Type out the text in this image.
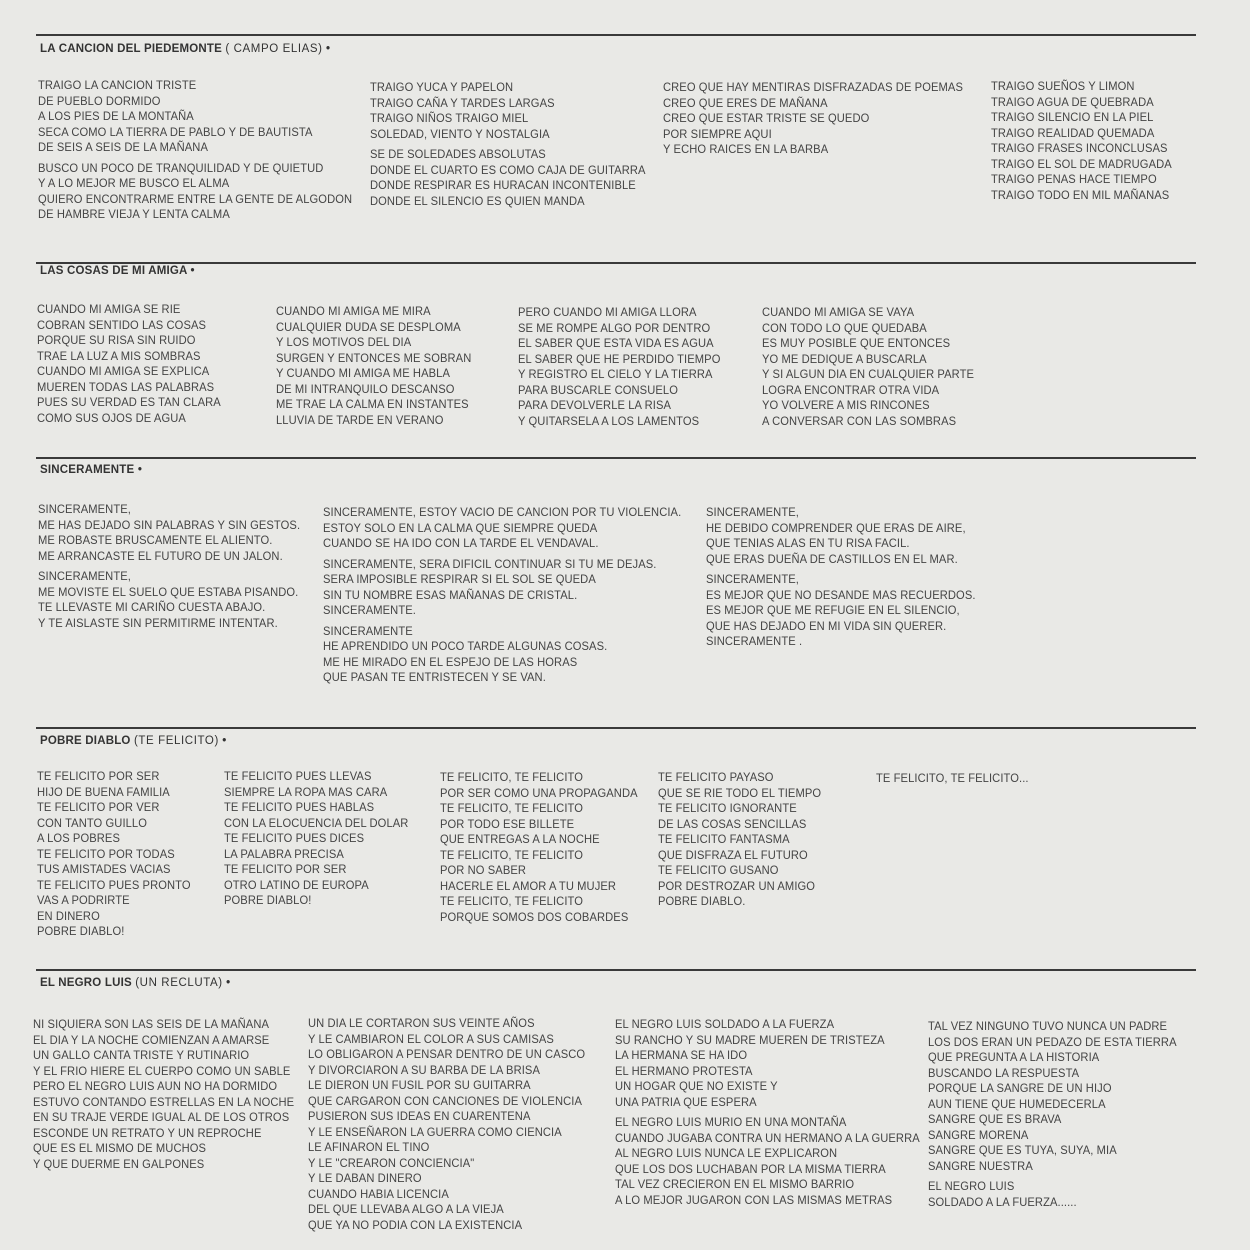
LA CANCION DEL PIEDEMONTE ( CAMPO ELIAS) •
TRAIGO LA CANCION TRISTE
DE PUEBLO DORMIDO
A LOS PIES DE LA MONTAÑA
SECA COMO LA TIERRA DE PABLO Y DE BAUTISTA
DE SEIS A SEIS DE LA MAÑANA
BUSCO UN POCO DE TRANQUILIDAD Y DE QUIETUD
Y A LO MEJOR ME BUSCO EL ALMA
QUIERO ENCONTRARME ENTRE LA GENTE DE ALGODON
DE HAMBRE VIEJA Y LENTA CALMA
TRAIGO YUCA Y PAPELON
TRAIGO CAÑA Y TARDES LARGAS
TRAIGO NIÑOS TRAIGO MIEL
SOLEDAD, VIENTO Y NOSTALGIA
SE DE SOLEDADES ABSOLUTAS
DONDE EL CUARTO ES COMO CAJA DE GUITARRA
DONDE RESPIRAR ES HURACAN INCONTENIBLE
DONDE EL SILENCIO ES QUIEN MANDA
CREO QUE HAY MENTIRAS DISFRAZADAS DE POEMAS
CREO QUE ERES DE MAÑANA
CREO QUE ESTAR TRISTE SE QUEDO
POR SIEMPRE AQUI
Y ECHO RAICES EN LA BARBA
TRAIGO SUEÑOS Y LIMON
TRAIGO AGUA DE QUEBRADA
TRAIGO SILENCIO EN LA PIEL
TRAIGO REALIDAD QUEMADA
TRAIGO FRASES INCONCLUSAS
TRAIGO EL SOL DE MADRUGADA
TRAIGO PENAS HACE TIEMPO
TRAIGO TODO EN MIL MAÑANAS
LAS COSAS DE MI AMIGA •
CUANDO MI AMIGA SE RIE
COBRAN SENTIDO LAS COSAS
PORQUE SU RISA SIN RUIDO
TRAE LA LUZ A MIS SOMBRAS
CUANDO MI AMIGA SE EXPLICA
MUEREN TODAS LAS PALABRAS
PUES SU VERDAD ES TAN CLARA
COMO SUS OJOS DE AGUA
CUANDO MI AMIGA ME MIRA
CUALQUIER DUDA SE DESPLOMA
Y LOS MOTIVOS DEL DIA
SURGEN Y ENTONCES ME SOBRAN
Y CUANDO MI AMIGA ME HABLA
DE MI INTRANQUILO DESCANSO
ME TRAE LA CALMA EN INSTANTES
LLUVIA DE TARDE EN VERANO
PERO CUANDO MI AMIGA LLORA
SE ME ROMPE ALGO POR DENTRO
EL SABER QUE ESTA VIDA ES AGUA
EL SABER QUE HE PERDIDO TIEMPO
Y REGISTRO EL CIELO Y LA TIERRA
PARA BUSCARLE CONSUELO
PARA DEVOLVERLE LA RISA
Y QUITARSELA A LOS LAMENTOS
CUANDO MI AMIGA SE VAYA
CON TODO LO QUE QUEDABA
ES MUY POSIBLE QUE ENTONCES
YO ME DEDIQUE A BUSCARLA
Y SI ALGUN DIA EN CUALQUIER PARTE
LOGRA ENCONTRAR OTRA VIDA
YO VOLVERE A MIS RINCONES
A CONVERSAR CON LAS SOMBRAS
SINCERAMENTE •
SINCERAMENTE,
ME HAS DEJADO SIN PALABRAS Y SIN GESTOS.
ME ROBASTE BRUSCAMENTE EL ALIENTO.
ME ARRANCASTE EL FUTURO DE UN JALON.
SINCERAMENTE,
ME MOVISTE EL SUELO QUE ESTABA PISANDO.
TE LLEVASTE MI CARIÑO CUESTA ABAJO.
Y TE AISLASTE SIN PERMITIRME INTENTAR.
SINCERAMENTE, ESTOY VACIO DE CANCION POR TU VIOLENCIA.
ESTOY SOLO EN LA CALMA QUE SIEMPRE QUEDA
CUANDO SE HA IDO CON LA TARDE EL VENDAVAL.
SINCERAMENTE, SERA DIFICIL CONTINUAR SI TU ME DEJAS.
SERA IMPOSIBLE RESPIRAR SI EL SOL SE QUEDA
SIN TU NOMBRE ESAS MAÑANAS DE CRISTAL.
SINCERAMENTE.
SINCERAMENTE
HE APRENDIDO UN POCO TARDE ALGUNAS COSAS.
ME HE MIRADO EN EL ESPEJO DE LAS HORAS
QUE PASAN TE ENTRISTECEN Y SE VAN.
SINCERAMENTE,
HE DEBIDO COMPRENDER QUE ERAS DE AIRE,
QUE TENIAS ALAS EN TU RISA FACIL.
QUE ERAS DUEÑA DE CASTILLOS EN EL MAR.
SINCERAMENTE,
ES MEJOR QUE NO DESANDE MAS RECUERDOS.
ES MEJOR QUE ME REFUGIE EN EL SILENCIO,
QUE HAS DEJADO EN MI VIDA SIN QUERER.
SINCERAMENTE .
POBRE DIABLO (TE FELICITO) •
TE FELICITO POR SER
HIJO DE BUENA FAMILIA
TE FELICITO POR VER
CON TANTO GUILLO
A LOS POBRES
TE FELICITO POR TODAS
TUS AMISTADES VACIAS
TE FELICITO PUES PRONTO
VAS A PODRIRTE
EN DINERO
POBRE DIABLO!
TE FELICITO PUES LLEVAS
SIEMPRE LA ROPA MAS CARA
TE FELICITO PUES HABLAS
CON LA ELOCUENCIA DEL DOLAR
TE FELICITO PUES DICES
LA PALABRA PRECISA
TE FELICITO POR SER
OTRO LATINO DE EUROPA
POBRE DIABLO!
TE FELICITO, TE FELICITO
POR SER COMO UNA PROPAGANDA
TE FELICITO, TE FELICITO
POR TODO ESE BILLETE
QUE ENTREGAS A LA NOCHE
TE FELICITO, TE FELICITO
POR NO SABER
HACERLE EL AMOR A TU MUJER
TE FELICITO, TE FELICITO
PORQUE SOMOS DOS COBARDES
TE FELICITO PAYASO
QUE SE RIE TODO EL TIEMPO
TE FELICITO IGNORANTE
DE LAS COSAS SENCILLAS
TE FELICITO FANTASMA
QUE DISFRAZA EL FUTURO
TE FELICITO GUSANO
POR DESTROZAR UN AMIGO
POBRE DIABLO.
TE FELICITO, TE FELICITO...
EL NEGRO LUIS (UN RECLUTA) •
NI SIQUIERA SON LAS SEIS DE LA MAÑANA
EL DIA Y LA NOCHE COMIENZAN A AMARSE
UN GALLO CANTA TRISTE Y RUTINARIO
Y EL FRIO HIERE EL CUERPO COMO UN SABLE
PERO EL NEGRO LUIS AUN NO HA DORMIDO
ESTUVO CONTANDO ESTRELLAS EN LA NOCHE
EN SU TRAJE VERDE IGUAL AL DE LOS OTROS
ESCONDE UN RETRATO Y UN REPROCHE
QUE ES EL MISMO DE MUCHOS
Y QUE DUERME EN GALPONES
UN DIA LE CORTARON SUS VEINTE AÑOS
Y LE CAMBIARON EL COLOR A SUS CAMISAS
LO OBLIGARON A PENSAR DENTRO DE UN CASCO
Y DIVORCIARON A SU BARBA DE LA BRISA
LE DIERON UN FUSIL POR SU GUITARRA
QUE CARGARON CON CANCIONES DE VIOLENCIA
PUSIERON SUS IDEAS EN CUARENTENA
Y LE ENSEÑARON LA GUERRA COMO CIENCIA
LE AFINARON EL TINO
Y LE "CREARON CONCIENCIA"
Y LE DABAN DINERO
CUANDO HABIA LICENCIA
DEL QUE LLEVABA ALGO A LA VIEJA
QUE YA NO PODIA CON LA EXISTENCIA
EL NEGRO LUIS SOLDADO A LA FUERZA
SU RANCHO Y SU MADRE MUEREN DE TRISTEZA
LA HERMANA SE HA IDO
EL HERMANO PROTESTA
UN HOGAR QUE NO EXISTE Y
UNA PATRIA QUE ESPERA
EL NEGRO LUIS MURIO EN UNA MONTAÑA
CUANDO JUGABA CONTRA UN HERMANO A LA GUERRA
AL NEGRO LUIS NUNCA LE EXPLICARON
QUE LOS DOS LUCHABAN POR LA MISMA TIERRA
TAL VEZ CRECIERON EN EL MISMO BARRIO
A LO MEJOR JUGARON CON LAS MISMAS METRAS
TAL VEZ NINGUNO TUVO NUNCA UN PADRE
LOS DOS ERAN UN PEDAZO DE ESTA TIERRA
QUE PREGUNTA A LA HISTORIA
BUSCANDO LA RESPUESTA
PORQUE LA SANGRE DE UN HIJO
AUN TIENE QUE HUMEDECERLA
SANGRE QUE ES BRAVA
SANGRE MORENA
SANGRE QUE ES TUYA, SUYA, MIA
SANGRE NUESTRA
EL NEGRO LUIS
SOLDADO A LA FUERZA......
